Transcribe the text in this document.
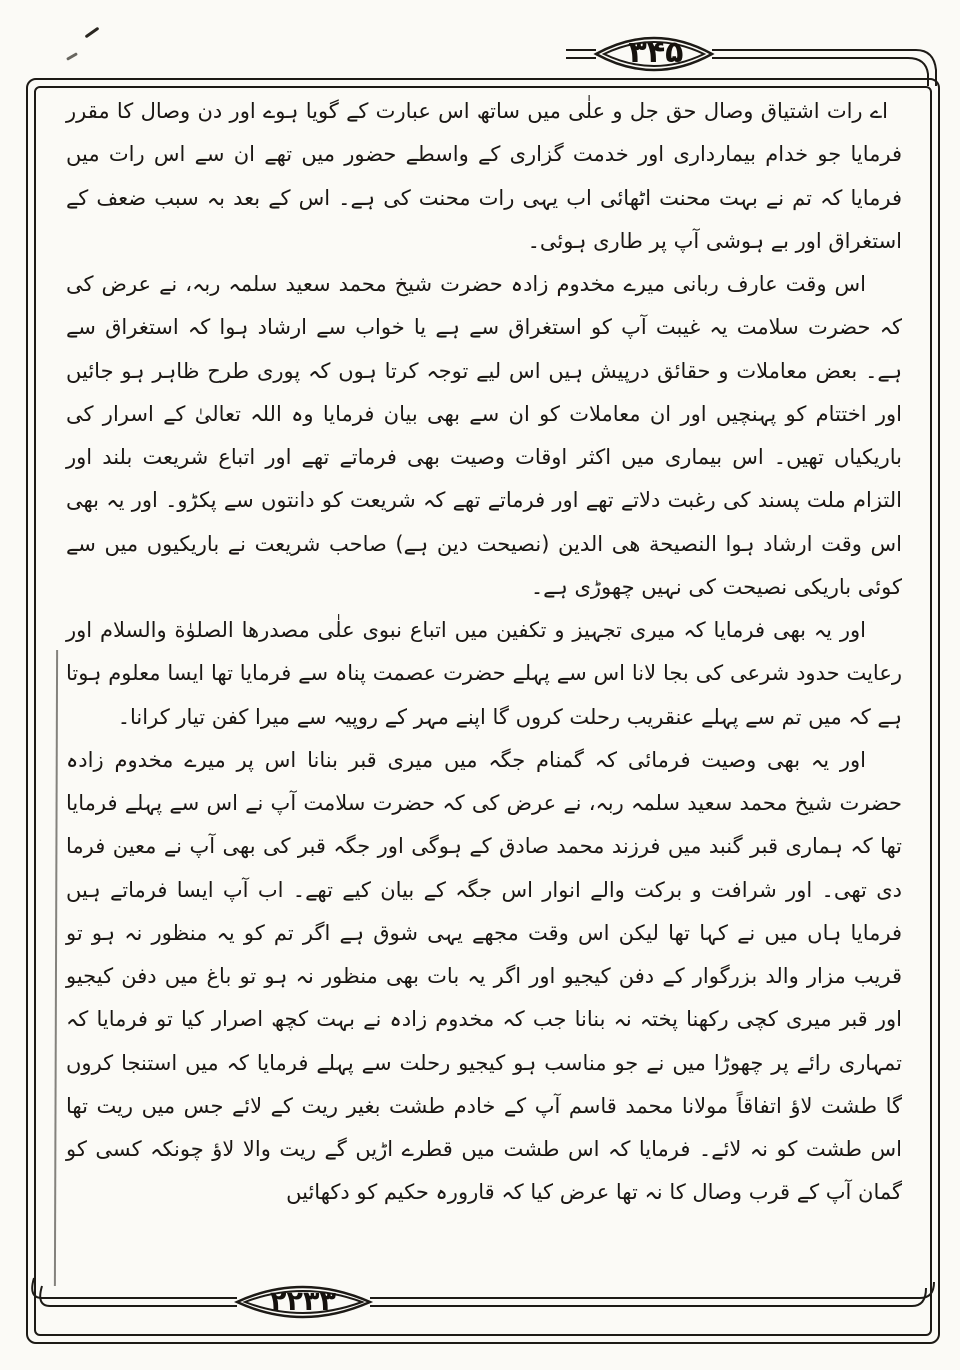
۳۴۵
۲۲۳۳

اے رات اشتیاق وصال حق جل و علٰی میں ساتھ اس عبارت کے گویا ہوے اور دن وصال کا مقرر فرمایا جو خدام بیمارداری اور خدمت گزاری کے واسطے حضور میں تھے ان سے اس رات میں فرمایا کہ تم نے بہت محنت اٹھائی اب یہی رات محنت کی ہے۔ اس کے بعد بہ سبب ضعف کے استغراق اور بے ہوشی آپ پر طاری ہوئی۔

اس وقت عارف ربانی میرے مخدوم زادہ حضرت شیخ محمد سعید سلمہ ربہ، نے عرض کی کہ حضرت سلامت یہ غیبت آپ کو استغراق سے ہے یا خواب سے ارشاد ہوا کہ استغراق سے ہے۔ بعض معاملات و حقائق درپیش ہیں اس لیے توجہ کرتا ہوں کہ پوری طرح ظاہر ہو جائیں اور اختتام کو پہنچیں اور ان معاملات کو ان سے بھی بیان فرمایا وہ اللہ تعالیٰ کے اسرار کی باریکیاں تھیں۔ اس بیماری میں اکثر اوقات وصیت بھی فرماتے تھے اور اتباع شریعت بلند اور التزام ملت پسند کی رغبت دلاتے تھے اور فرماتے تھے کہ شریعت کو دانتوں سے پکڑو۔ اور یہ بھی اس وقت ارشاد ہوا النصیحة هی الدین (نصیحت دین ہے) صاحب شریعت نے باریکیوں میں سے کوئی باریکی نصیحت کی نہیں چھوڑی ہے۔

اور یہ بھی فرمایا کہ میری تجہیز و تکفین میں اتباع نبوی علٰی مصدرها الصلوٰة والسلام اور رعایت حدود شرعی کی بجا لانا اس سے پہلے حضرت عصمت پناہ سے فرمایا تھا ایسا معلوم ہوتا ہے کہ میں تم سے پہلے عنقریب رحلت کروں گا اپنے مہر کے روپیہ سے میرا کفن تیار کرانا۔

اور یہ بھی وصیت فرمائی کہ گمنام جگہ میں میری قبر بنانا اس پر میرے مخدوم زادہ حضرت شیخ محمد سعید سلمہ ربہ، نے عرض کی کہ حضرت سلامت آپ نے اس سے پہلے فرمایا تھا کہ ہماری قبر گنبد میں فرزند محمد صادق کے ہوگی اور جگہ قبر کی بھی آپ نے معین فرما دی تھی۔ اور شرافت و برکت والے انوار اس جگہ کے بیان کیے تھے۔ اب آپ ایسا فرماتے ہیں فرمایا ہاں میں نے کہا تھا لیکن اس وقت مجھے یہی شوق ہے اگر تم کو یہ منظور نہ ہو تو قریب مزار والد بزرگوار کے دفن کیجیو اور اگر یہ بات بھی منظور نہ ہو تو باغ میں دفن کیجیو اور قبر میری کچی رکھنا پختہ نہ بنانا جب کہ مخدوم زادہ نے بہت کچھ اصرار کیا تو فرمایا کہ تمہاری رائے پر چھوڑا میں نے جو مناسب ہو کیجیو رحلت سے پہلے فرمایا کہ میں استنجا کروں گا طشت لاؤ اتفاقاً مولانا محمد قاسم آپ کے خادم طشت بغیر ریت کے لائے جس میں ریت تھا اس طشت کو نہ لائے۔ فرمایا کہ اس طشت میں قطرے اڑیں گے ریت والا لاؤ چونکہ کسی کو گمان آپ کے قرب وصال کا نہ تھا عرض کیا کہ قارورہ حکیم کو دکھائیں
